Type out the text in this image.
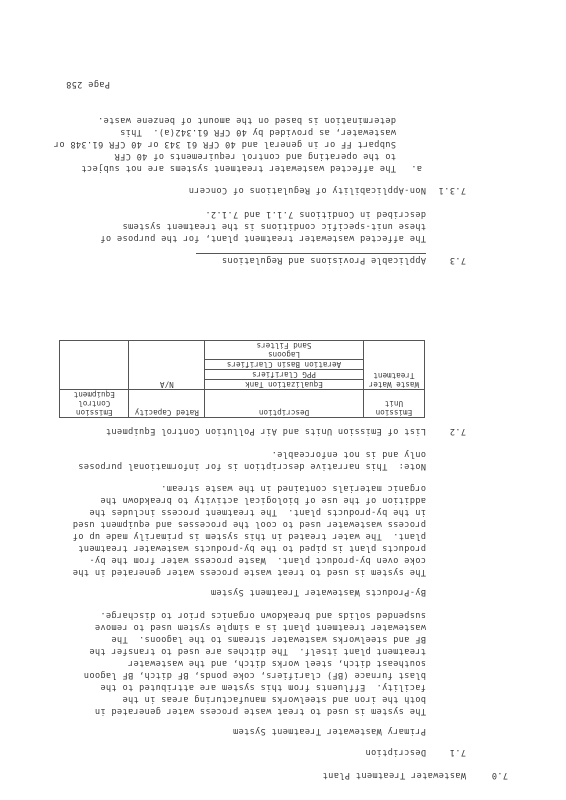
7.0
Wastewater Treatment Plant
7.1
Description
Primary Wastewater Treatment System
The system is used to treat waste process water generated in
both the iron and steelworks manufacturing areas in the
facility.  Effluents from this system are attributed to the
blast furnace (BF) clarifiers, coke ponds, BF ditch, BF lagoon
southeast ditch, steel works ditch, and the wastewater
treatment plant itself.  The ditches are used to transfer the
BF and steelworks wastewater streams to the lagoons.  The
wastewater treatment plant is a simple system used to remove
suspended solids and breakdown organics prior to discharge.
By-Products Wastewater Treatment System
The system is used to treat waste process water generated in the
coke oven by-product plant.  Waste process water from the by-
products plant is piped to the by-products wastewater treatment
plant.  The water treated in this system is primarily made up of
process wastewater used to cool the processes and equipment used
in the by-products plant.  The treatment process includes the
addition of the use of biological activity to breakdown the
organic materials contained in the waste stream.
Note:  This narrative description is for informational purposes
only and is not enforceable.
7.2
List of Emission Units and Air Pollution Control Equipment
Emission Unit	Description	Rated Capacity	Emission Control Equipment

Waste Water
Treatment	Equalization Tank	N/A	
	PPG Clarifiers		
	Aeration Basin Clarifiers		
	Lagoons		
	Sand Filters		
7.3
Applicable Provisions and Regulations
The affected wastewater treatment plant, for the purpose of
these unit-specific conditions is the treatment systems
described in Conditions 7.1.1 and 7.1.2.
7.3.1
Non-Applicability of Regulations of Concern
a.
The affected wastewater treatment systems are not subject
to the operating and control requirements of 40 CFR
Subpart FF or in general and 40 CFR 61 343 or 40 CFR 61.348 or
wastewater, as provided by 40 CFR 61.342(a).  This
determination is based on the amount of benzene waste.
Page 258
